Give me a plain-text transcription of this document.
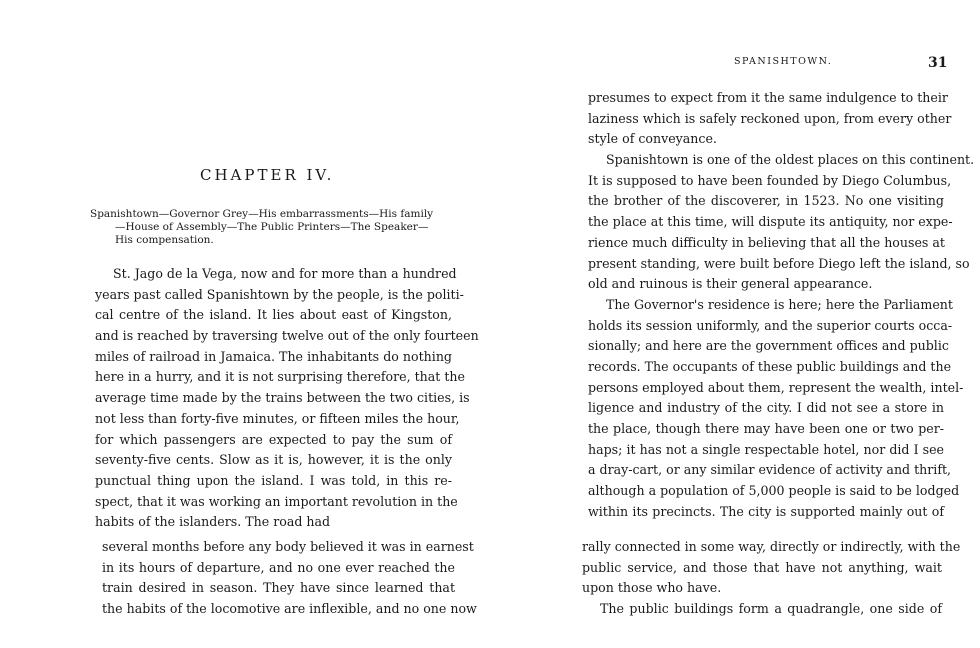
CHAPTER IV.
Spanishtown—Governor Grey—His embarrassments—His family
—House of Assembly—The Public Printers—The Speaker—
His compensation.
St. Jago de la Vega, now and for more than a hundred
years past called Spanishtown by the people, is the politi-
cal centre of the island. It lies about east of Kingston,
and is reached by traversing twelve out of the only fourteen
miles of railroad in Jamaica. The inhabitants do nothing
here in a hurry, and it is not surprising therefore, that the
average time made by the trains between the two cities, is
not less than forty-five minutes, or fifteen miles the hour,
for which passengers are expected to pay the sum of
seventy-five cents. Slow as it is, however, it is the only
punctual thing upon the island. I was told, in this re-
spect, that it was working an important revolution in the
habits of the islanders. The road had
several months before any body believed it was in earnest
in its hours of departure, and no one ever reached the
train desired in season. They have since learned that
the habits of the locomotive are inflexible, and no one now
SPANISHTOWN.	31
presumes to expect from it the same indulgence to their
laziness which is safely reckoned upon, from every other
style of conveyance.
Spanishtown is one of the oldest places on this continent.
It is supposed to have been founded by Diego Columbus,
the brother of the discoverer, in 1523. No one visiting
the place at this time, will dispute its antiquity, nor expe-
rience much difficulty in believing that all the houses at
present standing, were built before Diego left the island, so
old and ruinous is their general appearance.
The Governor's residence is here; here the Parliament
holds its session uniformly, and the superior courts occa-
sionally; and here are the government offices and public
records. The occupants of these public buildings and the
persons employed about them, represent the wealth, intel-
ligence and industry of the city. I did not see a store in
the place, though there may have been one or two per-
haps; it has not a single respectable hotel, nor did I see
a dray-cart, or any similar evidence of activity and thrift,
although a population of 5,000 people is said to be lodged
within its precincts. The city is supported mainly out of
rally connected in some way, directly or indirectly, with the
public service, and those that have not anything, wait
upon those who have.
The public buildings form a quadrangle, one side of
